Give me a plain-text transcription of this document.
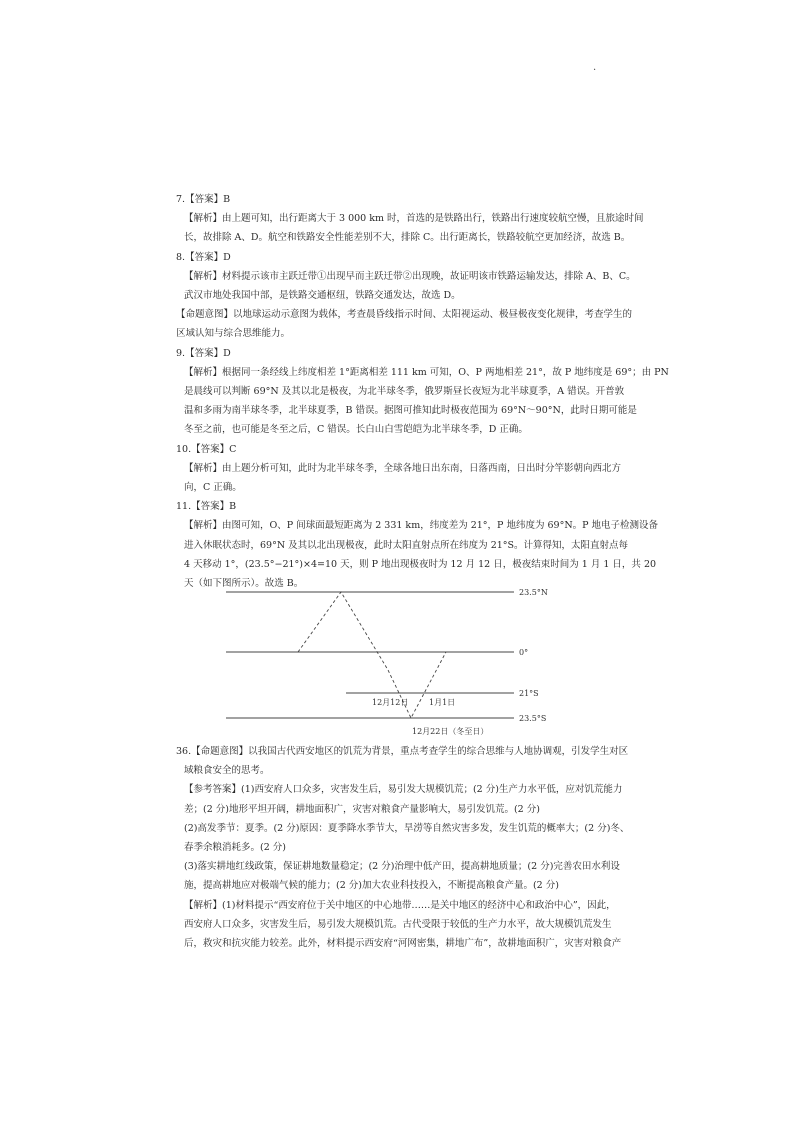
.
7.【答案】B
【解析】由上题可知，出行距离大于 3 000 km 时，首选的是铁路出行，铁路出行速度较航空慢，且旅途时间
长，故排除 A、D。航空和铁路安全性能差别不大，排除 C。出行距离长，铁路较航空更加经济，故选 B。
8.【答案】D
【解析】材料提示该市主跃迁带①出现早而主跃迁带②出现晚，故证明该市铁路运输发达，排除 A、B、C。
武汉市地处我国中部，是铁路交通枢纽，铁路交通发达，故选 D。
【命题意图】以地球运动示意图为载体，考查晨昏线指示时间、太阳视运动、极昼极夜变化规律，考查学生的
区域认知与综合思维能力。
9.【答案】D
【解析】根据同一条经线上纬度相差 1°距离相差 111 km 可知，O、P 两地相差 21°，故 P 地纬度是 69°；由 PN
是晨线可以判断 69°N 及其以北是极夜，为北半球冬季，俄罗斯昼长夜短为北半球夏季，A 错误。开普敦
温和多雨为南半球冬季，北半球夏季，B 错误。据图可推知此时极夜范围为 69°N～90°N，此时日期可能是
冬至之前，也可能是冬至之后，C 错误。长白山白雪皑皑为北半球冬季，D 正确。
10.【答案】C
【解析】由上题分析可知，此时为北半球冬季，全球各地日出东南，日落西南，日出时分竿影朝向西北方
向，C 正确。
11.【答案】B
【解析】由图可知，O、P 间球面最短距离为 2 331 km，纬度差为 21°，P 地纬度为 69°N。P 地电子检测设备
进入休眠状态时，69°N 及其以北出现极夜，此时太阳直射点所在纬度为 21°S。计算得知，太阳直射点每
4 天移动 1°，(23.5°−21°)×4=10 天，则 P 地出现极夜时为 12 月 12 日，极夜结束时间为 1 月 1 日，共 20
天（如下图所示）。故选 B。
23.5°N
0°
21°S
23.5°S
12月12日	1月1日
12月22日（冬至日）
36.【命题意图】以我国古代西安地区的饥荒为背景，重点考查学生的综合思维与人地协调观，引发学生对区
域粮食安全的思考。
【参考答案】(1)西安府人口众多，灾害发生后，易引发大规模饥荒；(2 分)生产力水平低，应对饥荒能力
差；(2 分)地形平坦开阔，耕地面积广，灾害对粮食产量影响大，易引发饥荒。(2 分)
(2)高发季节：夏季。(2 分)原因：夏季降水季节大，旱涝等自然灾害多发，发生饥荒的概率大；(2 分)冬、
春季余粮消耗多。(2 分)
(3)落实耕地红线政策，保证耕地数量稳定；(2 分)治理中低产田，提高耕地质量；(2 分)完善农田水利设
施，提高耕地应对极端气候的能力；(2 分)加大农业科技投入，不断提高粮食产量。(2 分)
【解析】(1)材料提示“西安府位于关中地区的中心地带……是关中地区的经济中心和政治中心”，因此，
西安府人口众多，灾害发生后，易引发大规模饥荒。古代受限于较低的生产力水平，故大规模饥荒发生
后，救灾和抗灾能力较差。此外，材料提示西安府“河网密集，耕地广布”，故耕地面积广，灾害对粮食产
